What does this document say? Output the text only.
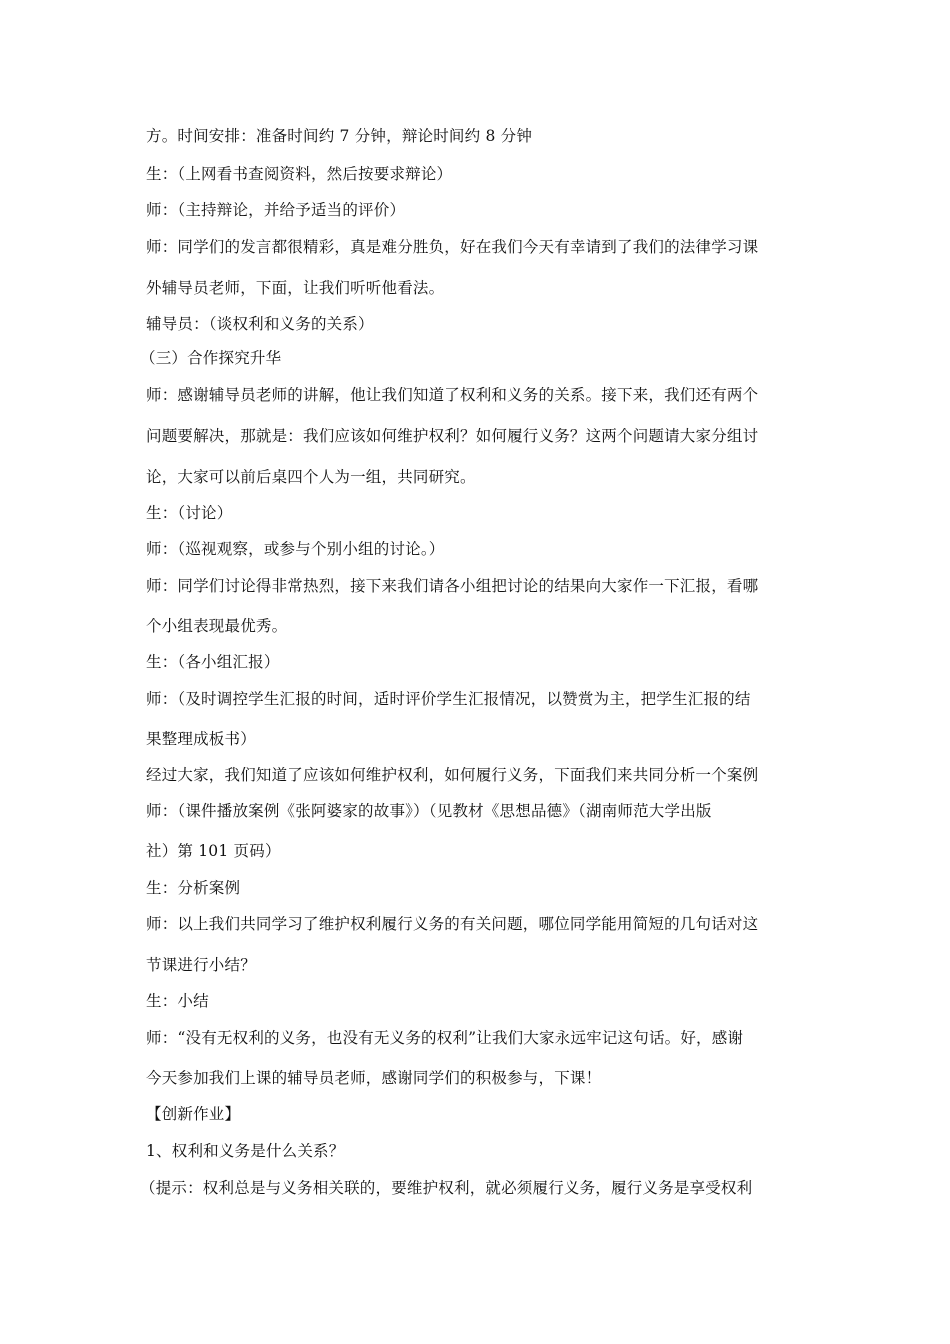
方。时间安排：准备时间约 7 分钟，辩论时间约 8 分钟
生：（上网看书查阅资料，然后按要求辩论）
师：（主持辩论，并给予适当的评价）
师：同学们的发言都很精彩，真是难分胜负，好在我们今天有幸请到了我们的法律学习课
外辅导员老师，下面，让我们听听他看法。
辅导员：（谈权利和义务的关系）
（三）合作探究升华
师：感谢辅导员老师的讲解，他让我们知道了权利和义务的关系。接下来，我们还有两个
问题要解决，那就是：我们应该如何维护权利？如何履行义务？这两个问题请大家分组讨
论，大家可以前后桌四个人为一组，共同研究。
生：（讨论）
师：（巡视观察，或参与个别小组的讨论。）
师：同学们讨论得非常热烈，接下来我们请各小组把讨论的结果向大家作一下汇报，看哪
个小组表现最优秀。
生：（各小组汇报）
师：（及时调控学生汇报的时间，适时评价学生汇报情况，以赞赏为主，把学生汇报的结
果整理成板书）
经过大家，我们知道了应该如何维护权利，如何履行义务，下面我们来共同分析一个案例
师：（课件播放案例《张阿婆家的故事》）（见教材《思想品德》（湖南师范大学出版
社）第 101 页码）
生：分析案例
师：以上我们共同学习了维护权利履行义务的有关问题，哪位同学能用简短的几句话对这
节课进行小结？
生：小结
师：“没有无权利的义务，也没有无义务的权利”让我们大家永远牢记这句话。好，感谢
今天参加我们上课的辅导员老师，感谢同学们的积极参与，下课！
【创新作业】
1、权利和义务是什么关系？
（提示：权利总是与义务相关联的，要维护权利，就必须履行义务，履行义务是享受权利
